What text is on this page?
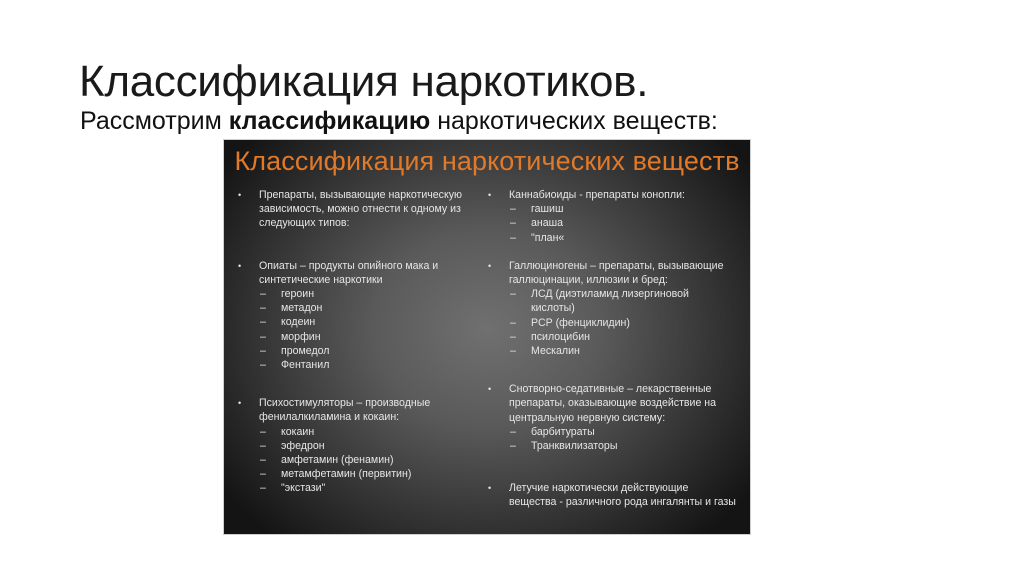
Классификация наркотиков.

Рассмотрим классификацию наркотических веществ:

Классификация наркотических веществ
• Препараты, вызывающие наркотическую
зависимость, можно отнести к одному из
следующих типов:
• Опиаты – продукты опийного мака и
синтетические наркотики
– героин
– метадон
– кодеин
– морфин
– промедол
– Фентанил
• Психостимуляторы – производные
фенилалкиламина и кокаин:
– кокаин
– эфедрон
– амфетамин (фенамин)
– метамфетамин (первитин)
– "экстази"
• Каннабиоиды - препараты конопли:
– гашиш
– анаша
– "план«
• Галлюциногены – препараты, вызывающие
галлюцинации, иллюзии и бред:
– ЛСД (диэтиламид лизергиновой
кислоты)
– РСР (фенциклидин)
– псилоцибин
– Мескалин
• Снотворно-седативные – лекарственные
препараты, оказывающие воздействие на
центральную нервную систему:
– барбитураты
– Транквилизаторы
• Летучие наркотически действующие
вещества - различного рода ингалянты и газы
